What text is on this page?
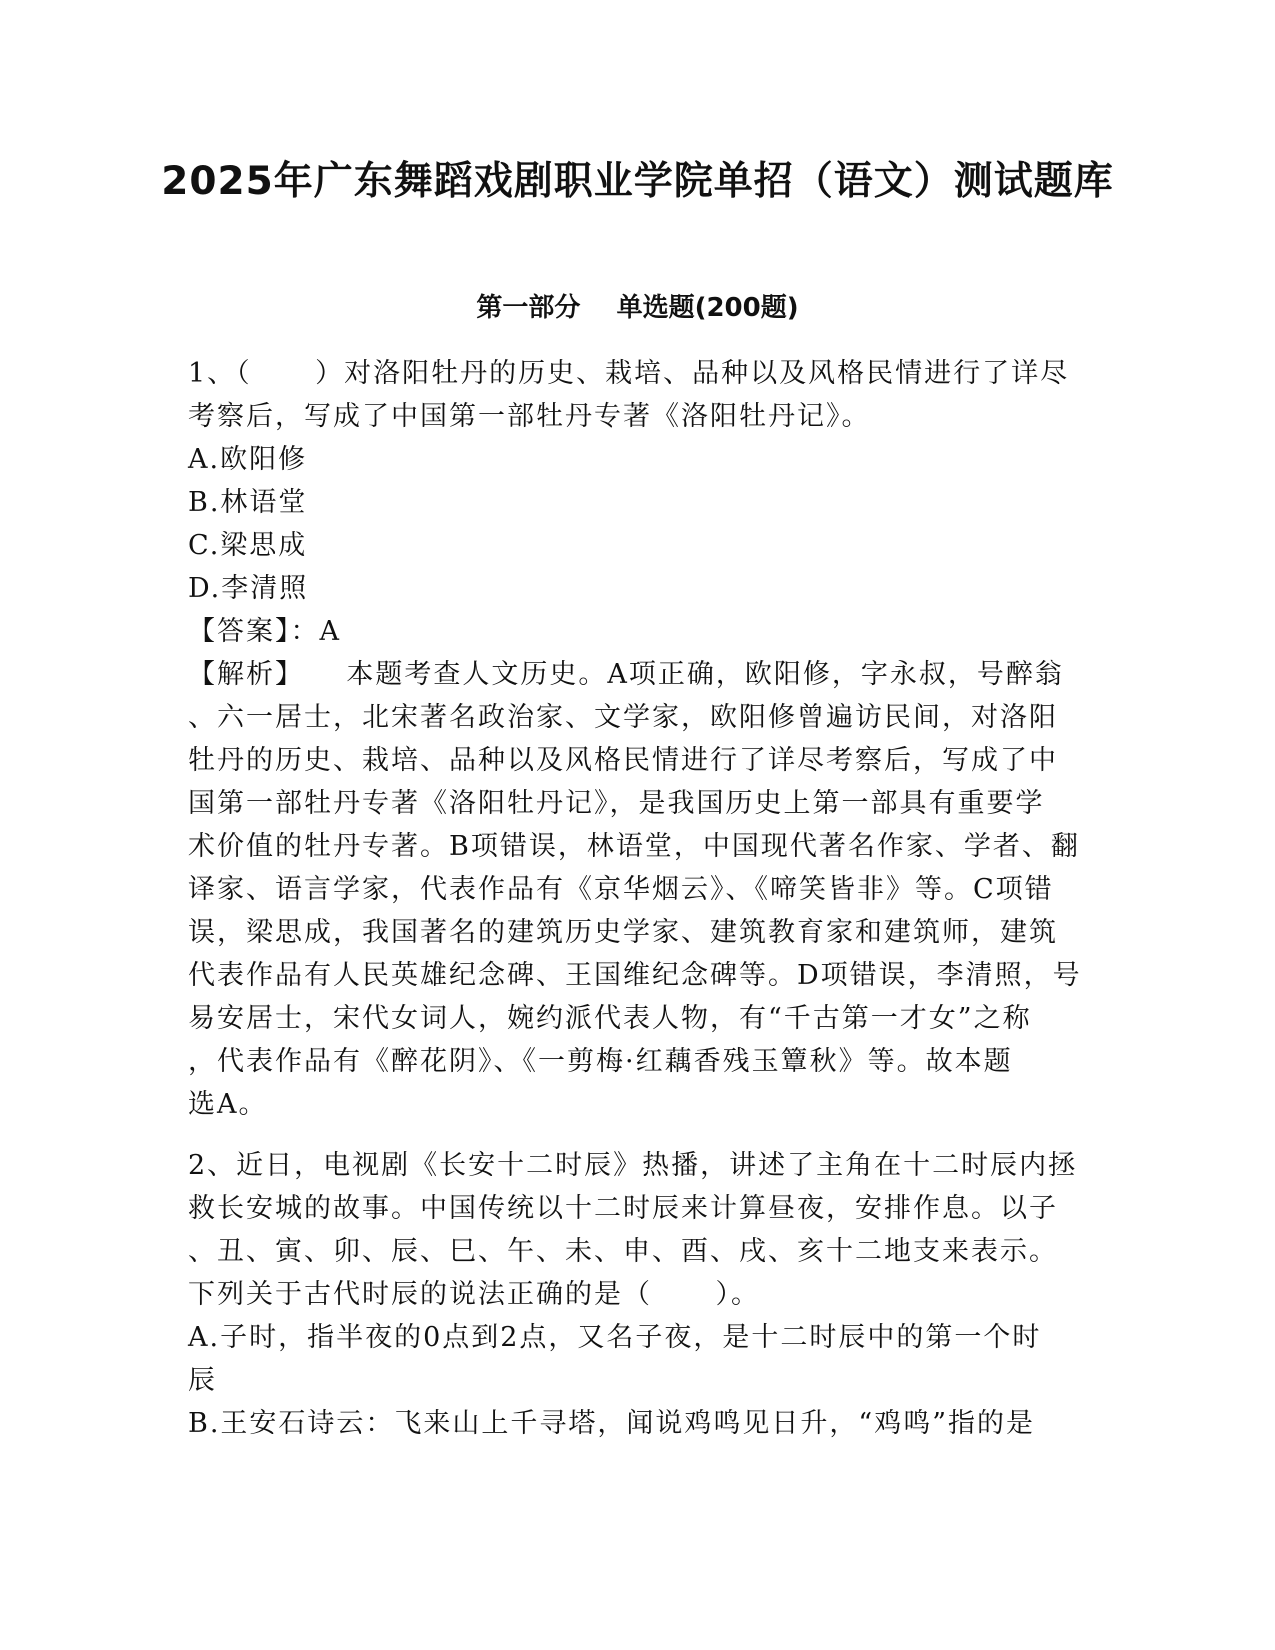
2025年广东舞蹈戏剧职业学院单招（语文）测试题库
第一部分    单选题(200题)
1、（      ）对洛阳牡丹的历史、栽培、品种以及风格民情进行了详尽
考察后，写成了中国第一部牡丹专著《洛阳牡丹记》。
A.欧阳修
B.林语堂
C.梁思成
D.李清照
【答案】：A
【解析】    本题考查人文历史。A项正确，欧阳修，字永叔，号醉翁
、六一居士，北宋著名政治家、文学家，欧阳修曾遍访民间，对洛阳
牡丹的历史、栽培、品种以及风格民情进行了详尽考察后，写成了中
国第一部牡丹专著《洛阳牡丹记》，是我国历史上第一部具有重要学
术价值的牡丹专著。B项错误，林语堂，中国现代著名作家、学者、翻
译家、语言学家，代表作品有《京华烟云》、《啼笑皆非》等。C项错
误，梁思成，我国著名的建筑历史学家、建筑教育家和建筑师，建筑
代表作品有人民英雄纪念碑、王国维纪念碑等。D项错误，李清照，号
易安居士，宋代女词人，婉约派代表人物，有“千古第一才女”之称
，代表作品有《醉花阴》、《一剪梅·红藕香残玉簟秋》等。故本题
选A。
2、近日，电视剧《长安十二时辰》热播，讲述了主角在十二时辰内拯
救长安城的故事。中国传统以十二时辰来计算昼夜，安排作息。以子
、丑、寅、卯、辰、巳、午、未、申、酉、戌、亥十二地支来表示。
下列关于古代时辰的说法正确的是（      ）。
A.子时，指半夜的0点到2点，又名子夜，是十二时辰中的第一个时
辰
B.王安石诗云：飞来山上千寻塔，闻说鸡鸣见日升，“鸡鸣”指的是
